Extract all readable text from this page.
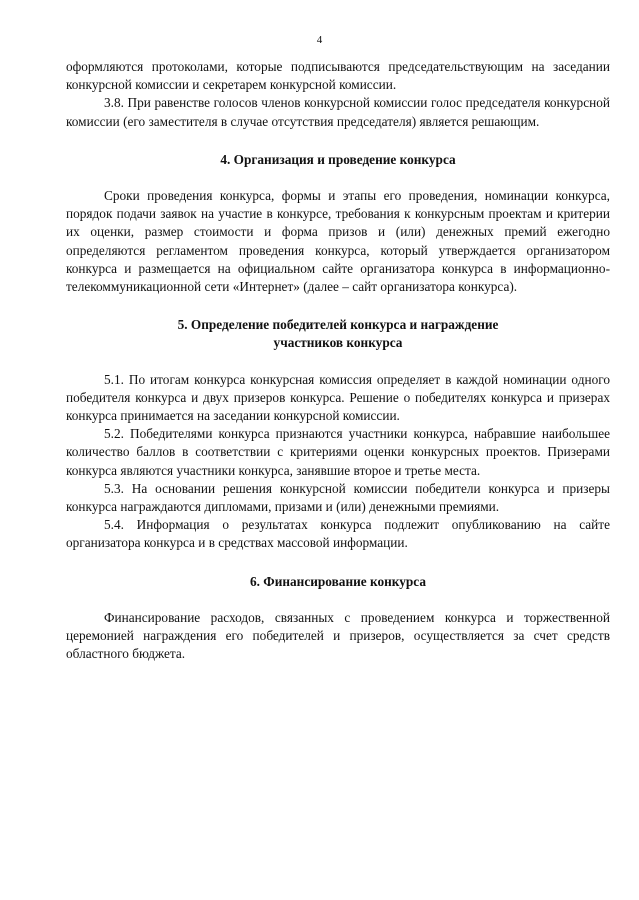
4

оформляются протоколами, которые подписываются председательствующим на заседании конкурсной комиссии и секретарем конкурсной комиссии.

3.8. При равенстве голосов членов конкурсной комиссии голос председателя конкурсной комиссии (его заместителя в случае отсутствия председателя) является решающим.

4. Организация и проведение конкурса

Сроки проведения конкурса, формы и этапы его проведения, номинации конкурса, порядок подачи заявок на участие в конкурсе, требования к конкурсным проектам и критерии их оценки, размер стоимости и форма призов и (или) денежных премий ежегодно определяются регламентом проведения конкурса, который утверждается организатором конкурса и размещается на официальном сайте организатора конкурса в информационно-телекоммуникационной сети «Интернет» (далее – сайт организатора конкурса).

5. Определение победителей конкурса и награждение
участников конкурса

5.1. По итогам конкурса конкурсная комиссия определяет в каждой номинации одного победителя конкурса и двух призеров конкурса. Решение о победителях конкурса и призерах конкурса принимается на заседании конкурсной комиссии.

5.2. Победителями конкурса признаются участники конкурса, набравшие наибольшее количество баллов в соответствии с критериями оценки конкурсных проектов. Призерами конкурса являются участники конкурса, занявшие второе и третье места.

5.3. На основании решения конкурсной комиссии победители конкурса и призеры конкурса награждаются дипломами, призами и (или) денежными премиями.

5.4. Информация о результатах конкурса подлежит опубликованию на сайте организатора конкурса и в средствах массовой информации.

6. Финансирование конкурса

Финансирование расходов, связанных с проведением конкурса и торжественной церемонией награждения его победителей и призеров, осуществляется за счет средств областного бюджета.
